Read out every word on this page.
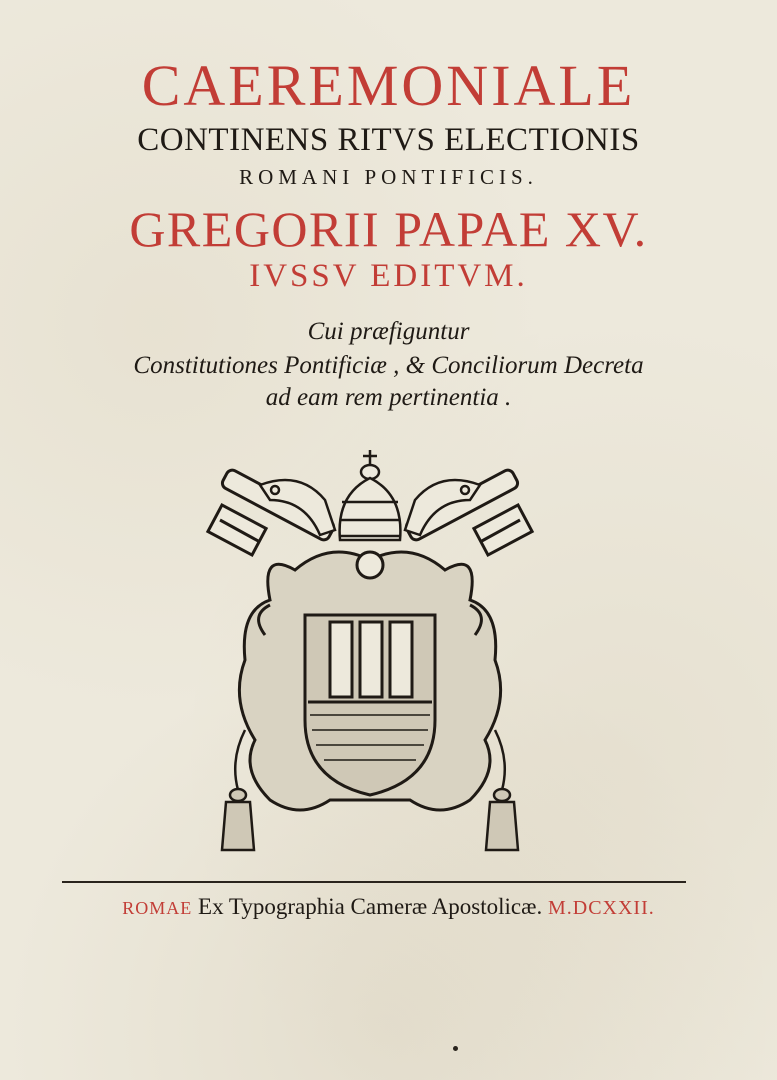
CAEREMONIALE
CONTINENS RITVS ELECTIONIS
ROMANI PONTIFICIS.
GREGORII PAPAE XV.
IVSSV EDITVM.
Cui præfiguntur
Constitutiones Pontificiæ , & Conciliorum Decreta
ad eam rem pertinentia .
ROMAE Ex Typographia Cameræ Apostolicæ. M.DCXXII.
